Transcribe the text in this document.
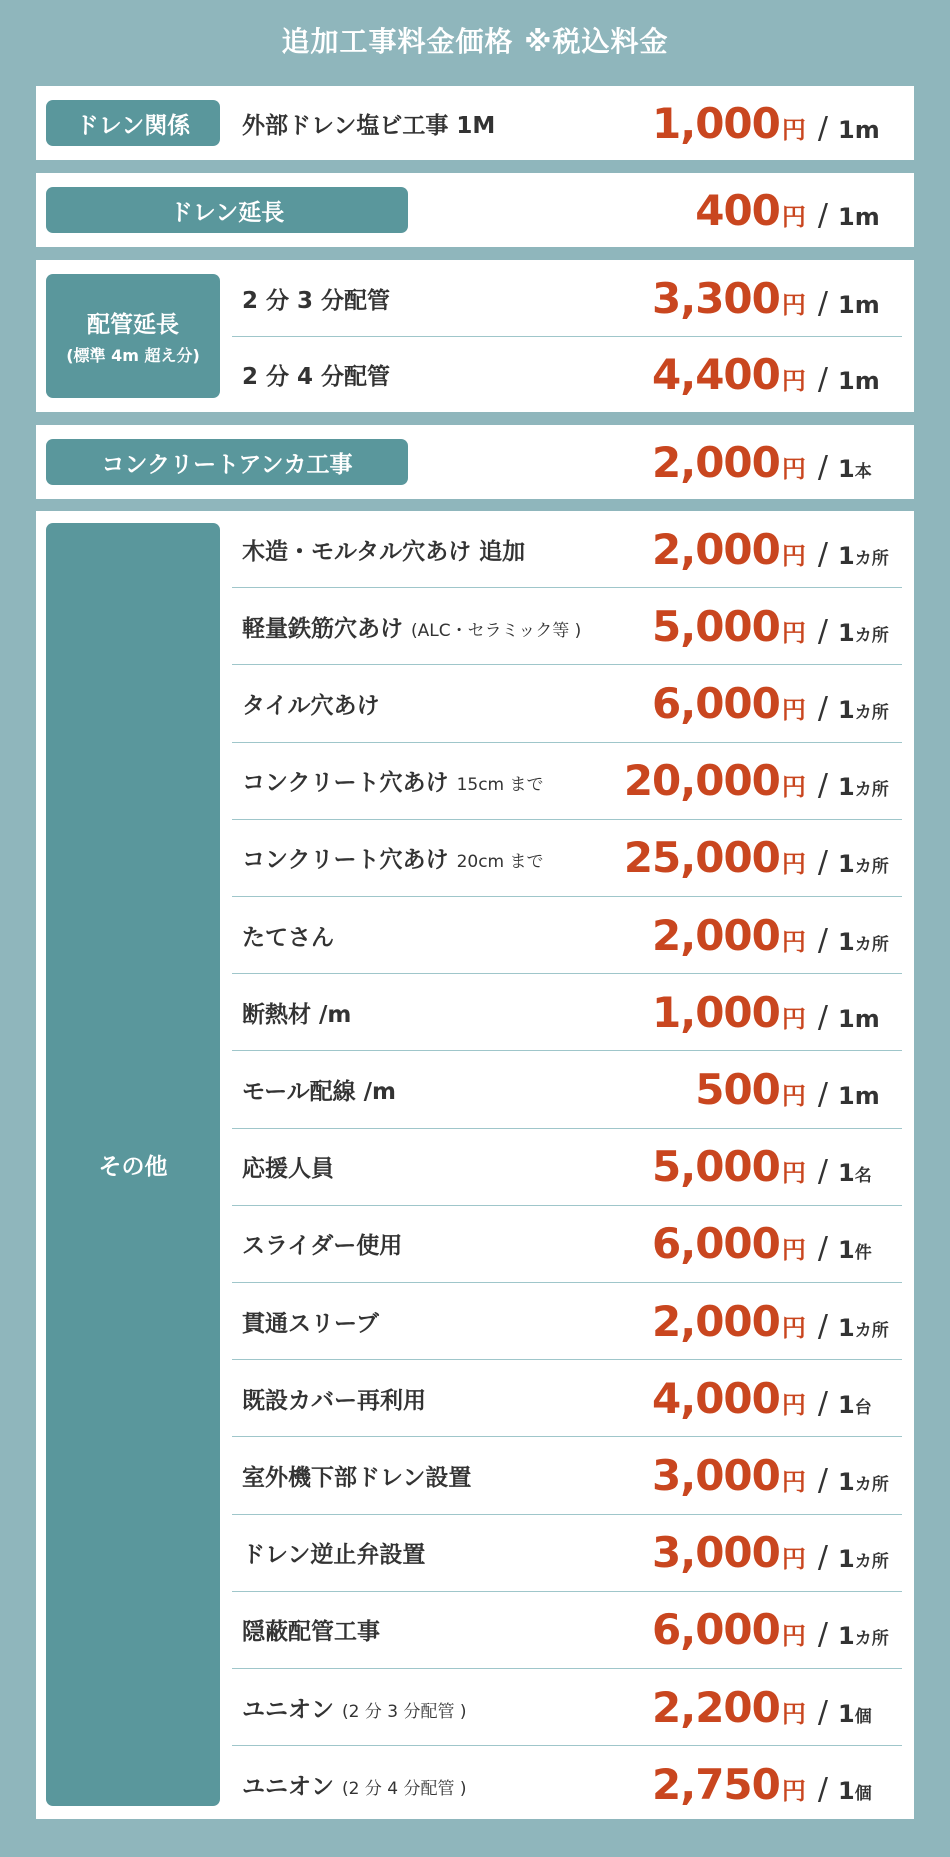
追加工事料金価格 ※税込料金
ドレン関係 外部ドレン塩ビ工事 1M	1,000 円 / 1m
ドレン延長	400 円 / 1m
配管延長
(標準 4m 超え分)
2 分 3 分配管	3,300 円 / 1m
2 分 4 分配管	4,400 円 / 1m
コンクリートアンカ工事	2,000 円 / 1本
その他
木造・モルタル穴あけ 追加	2,000 円 / 1カ所
軽量鉄筋穴あけ (ALC・セラミック等 ) 5,000 円 / 1カ所
タイル穴あけ	6,000 円 / 1カ所
コンクリート穴あけ 15cm まで 20,000 円 / 1カ所
コンクリート穴あけ 20cm まで 25,000 円 / 1カ所
たてさん	2,000 円 / 1カ所
断熱材 /m	1,000 円 / 1m
モール配線 /m	500 円 / 1m
応援人員	5,000 円 / 1名
スライダー使用	6,000 円 / 1件
貫通スリーブ	2,000 円 / 1カ所
既設カバー再利用	4,000 円 / 1台
室外機下部ドレン設置	3,000 円 / 1カ所
ドレン逆止弁設置	3,000 円 / 1カ所
隠蔽配管工事	6,000 円 / 1カ所
ユニオン (2 分 3 分配管 )	2,200 円 / 1個
ユニオン (2 分 4 分配管 )	2,750 円 / 1個
